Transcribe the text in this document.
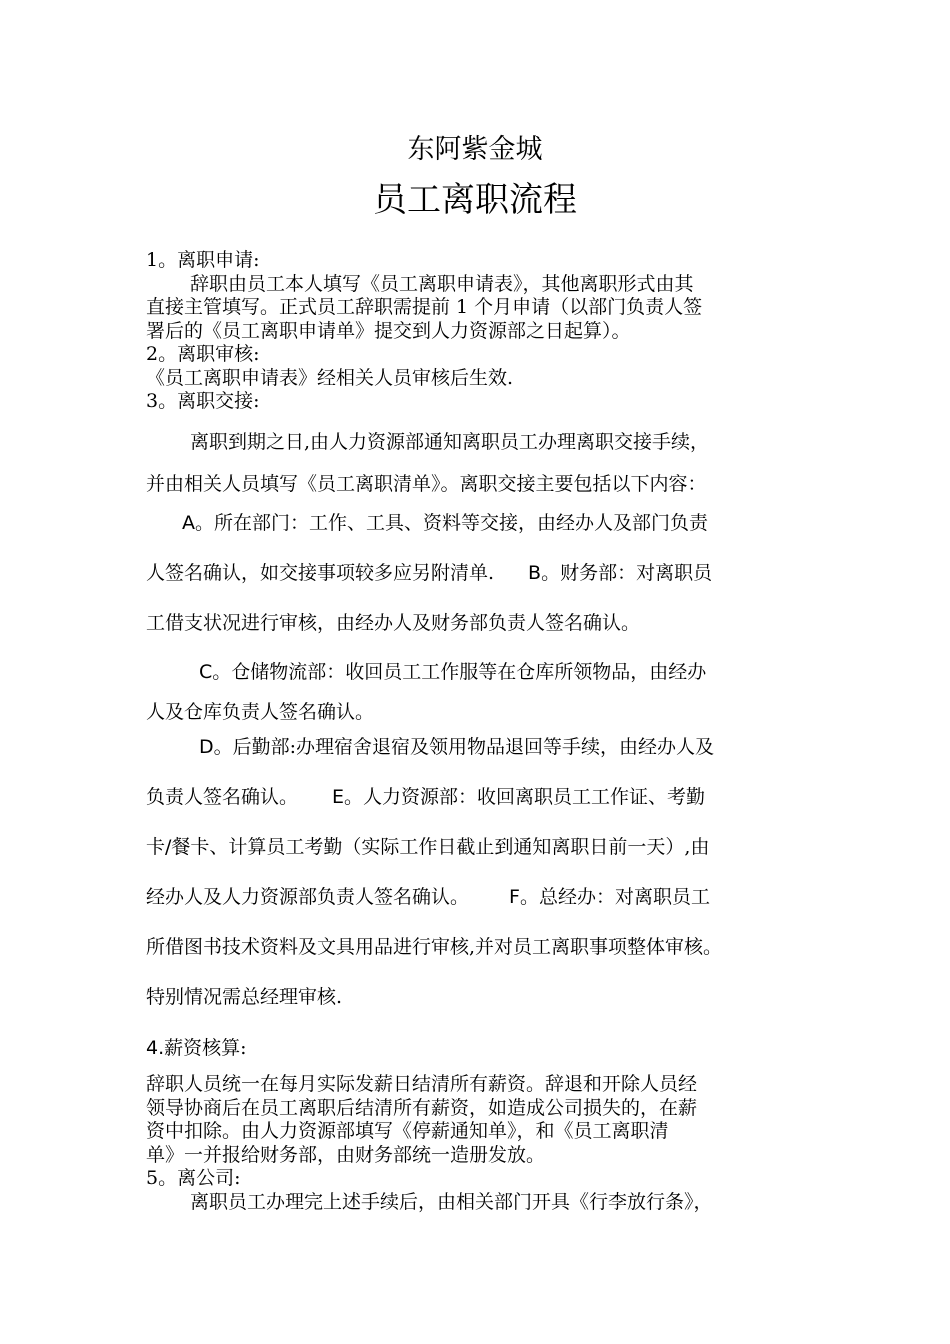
东阿紫金城
员工离职流程
1。离职申请:
辞职由员工本人填写《员工离职申请表》，其他离职形式由其
直接主管填写。正式员工辞职需提前 1 个月申请（以部门负责人签
署后的《员工离职申请单》提交到人力资源部之日起算）。
2。离职审核:
《员工离职申请表》经相关人员审核后生效.
3。离职交接:
离职到期之日,由人力资源部通知离职员工办理离职交接手续，
并由相关人员填写《员工离职清单》。离职交接主要包括以下内容：
A。所在部门：工作、工具、资料等交接，由经办人及部门负责
人签名确认，如交接事项较多应另附清单. B。财务部：对离职员
工借支状况进行审核，由经办人及财务部负责人签名确认。
C。仓储物流部：收回员工工作服等在仓库所领物品，由经办
人及仓库负责人签名确认。
D。后勤部:办理宿舍退宿及领用物品退回等手续，由经办人及
负责人签名确认。 E。人力资源部：收回离职员工工作证、考勤
卡/餐卡、计算员工考勤（实际工作日截止到通知离职日前一天）,由
经办人及人力资源部负责人签名确认。 F。总经办：对离职员工
所借图书技术资料及文具用品进行审核,并对员工离职事项整体审核。
特别情况需总经理审核.
4.薪资核算:
辞职人员统一在每月实际发薪日结清所有薪资。辞退和开除人员经
领导协商后在员工离职后结清所有薪资，如造成公司损失的，在薪
资中扣除。由人力资源部填写《停薪通知单》，和《员工离职清
单》一并报给财务部，由财务部统一造册发放。
5。离公司:
离职员工办理完上述手续后，由相关部门开具《行李放行条》，
